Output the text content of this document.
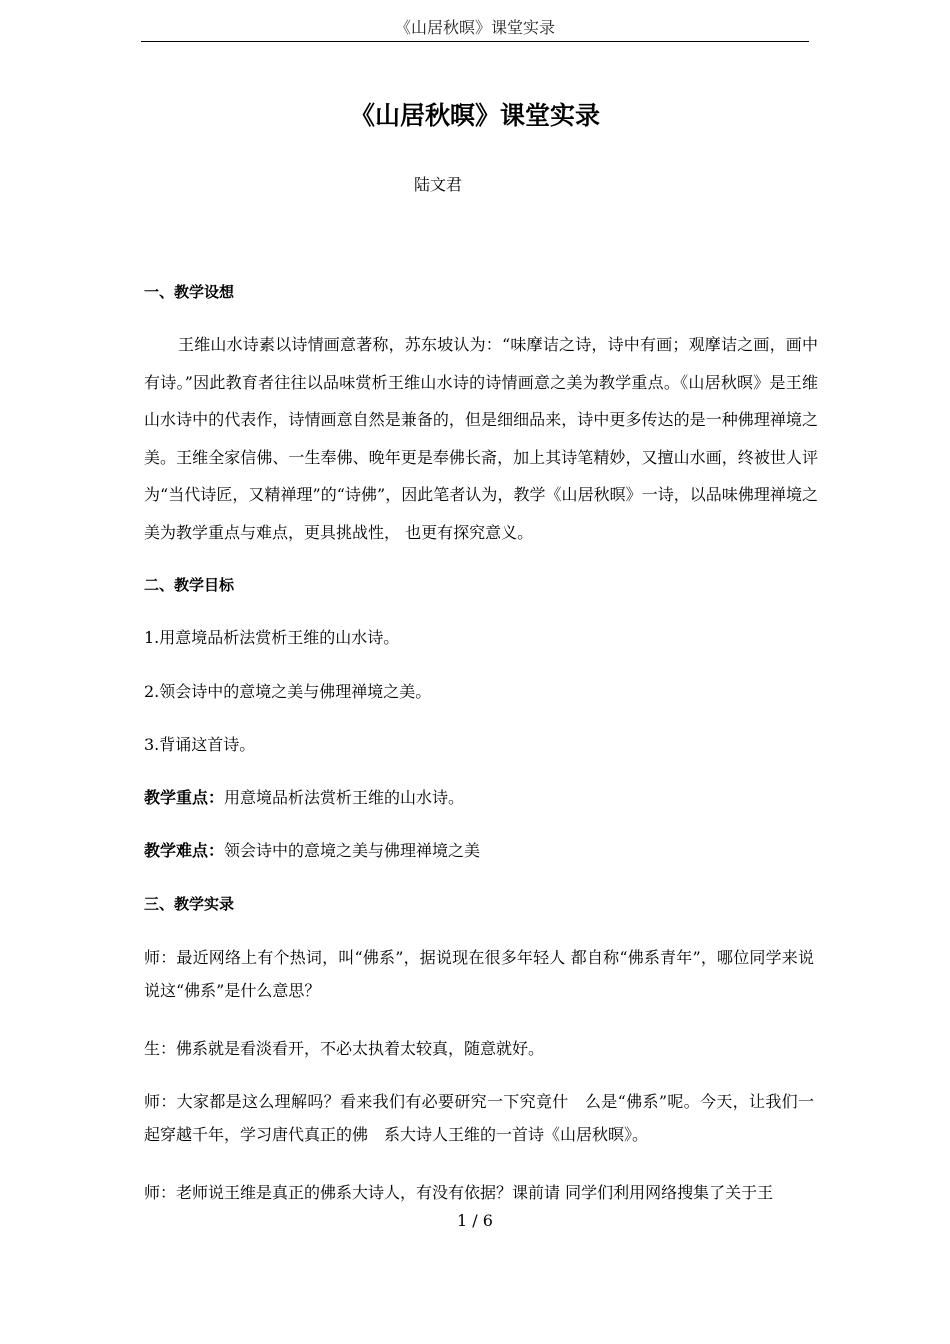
《山居秋暝》课堂实录
《山居秋暝》课堂实录
陆文君
一、教学设想
王维山水诗素以诗情画意著称，苏东坡认为：“味摩诘之诗，诗中有画；观摩诘之画，画中有诗。”因此教育者往往以品味赏析王维山水诗的诗情画意之美为教学重点。《山居秋暝》是王维山水诗中的代表作，诗情画意自然是兼备的，但是细细品来，诗中更多传达的是一种佛理禅境之美。王维全家信佛、一生奉佛、晚年更是奉佛长斋，加上其诗笔精妙，又擅山水画，终被世人评为“当代诗匠，又精禅理”的“诗佛”，因此笔者认为，教学《山居秋暝》一诗，以品味佛理禅境之美为教学重点与难点，更具挑战性， 也更有探究意义。
二、教学目标
1.用意境品析法赏析王维的山水诗。
2.领会诗中的意境之美与佛理禅境之美。
3.背诵这首诗。
教学重点：用意境品析法赏析王维的山水诗。
教学难点：领会诗中的意境之美与佛理禅境之美
三、教学实录
师：最近网络上有个热词，叫“佛系”，据说现在很多年轻人 都自称“佛系青年”，哪位同学来说说这“佛系”是什么意思？
生：佛系就是看淡看开，不必太执着太较真，随意就好。
师：大家都是这么理解吗？看来我们有必要研究一下究竟什　么是“佛系”呢。今天，让我们一起穿越千年，学习唐代真正的佛　系大诗人王维的一首诗《山居秋暝》。
师：老师说王维是真正的佛系大诗人，有没有依据？课前请 同学们利用网络搜集了关于王
1 / 6
